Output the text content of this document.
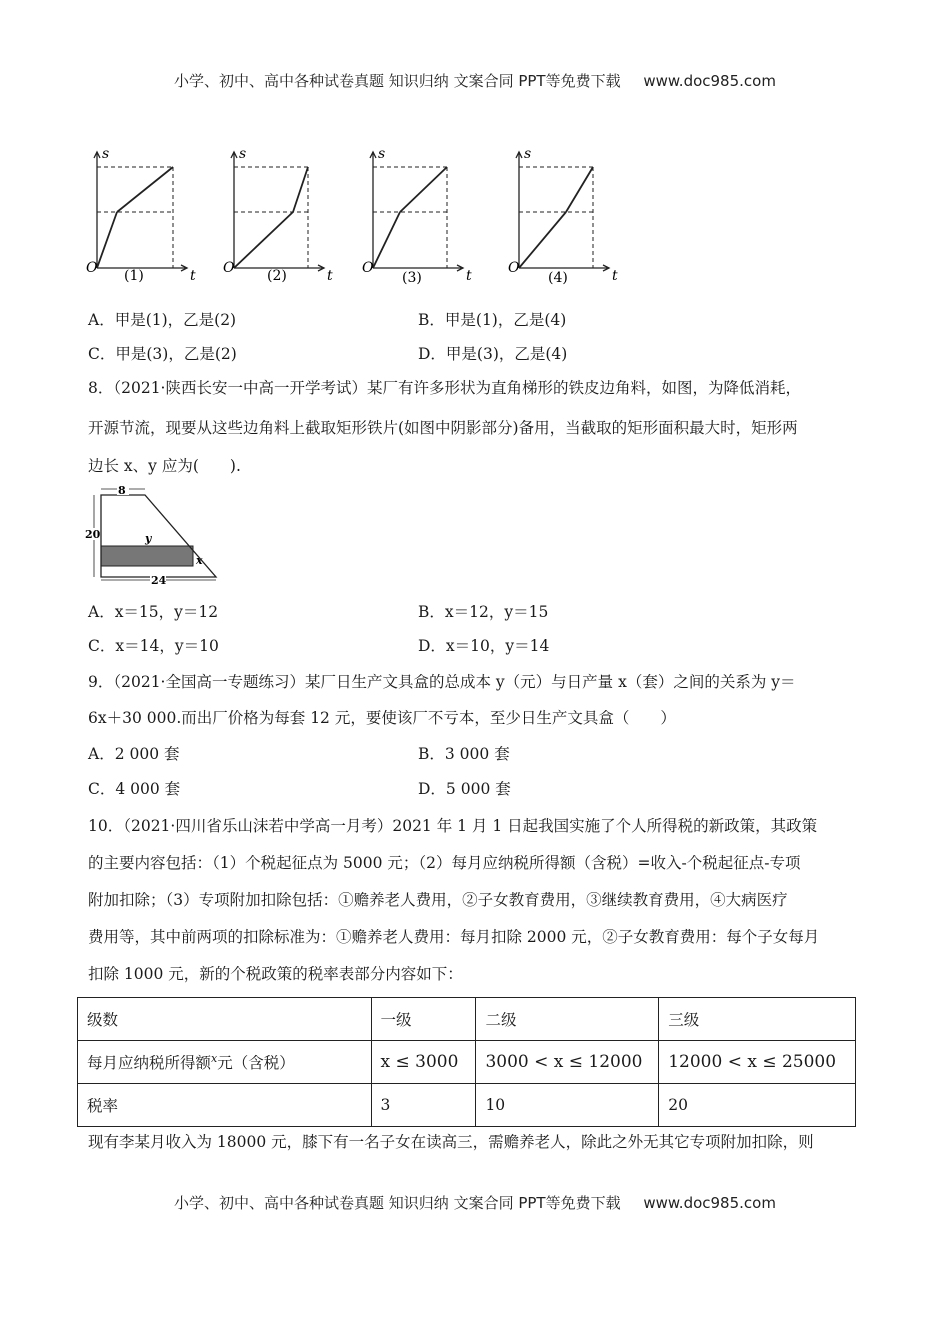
小学、初中、高中各种试卷真题 知识归纳 文案合同 PPT等免费下载 www.doc985.com
s
t
O (1)
s
t
O (2)
s
t
O
(3)
s
t
O
(4)
A．甲是(1)，乙是(2)	B．甲是(1)，乙是(4)
C．甲是(3)，乙是(2)	D．甲是(3)，乙是(4)
8．（2021·陕西长安一中高一开学考试）某厂有许多形状为直角梯形的铁皮边角料，如图，为降低消耗，
开源节流，现要从这些边角料上截取矩形铁片(如图中阴影部分)备用，当截取的矩形面积最大时，矩形两
边长 x、y 应为(　　).
8
20
24
y
x
A．x＝15，y＝12	B．x＝12，y＝15
C．x＝14，y＝10	D．x＝10，y＝14
9．（2021·全国高一专题练习）某厂日生产文具盒的总成本 y（元）与日产量 x（套）之间的关系为 y＝
6x＋30 000.而出厂价格为每套 12 元，要使该厂不亏本，至少日生产文具盒（　　）
A．2 000 套	B．3 000 套
C．4 000 套	D．5 000 套
10．（2021·四川省乐山沫若中学高一月考）2021 年 1 月 1 日起我国实施了个人所得税的新政策，其政策
的主要内容包括：（1）个税起征点为 5000 元；（2）每月应纳税所得额（含税）=收入-个税起征点-专项
附加扣除；（3）专项附加扣除包括：①赡养老人费用，②子女教育费用，③继续教育费用，④大病医疗
费用等，其中前两项的扣除标准为：①赡养老人费用：每月扣除 2000 元，②子女教育费用：每个子女每月
扣除 1000 元，新的个税政策的税率表部分内容如下：
级数	一级	二级	三级
每月应纳税所得额$^x$元（含税）	x ≤ 3000	3000 < x ≤ 12000	12000 < x ≤ 25000
税率	3	10	20
现有李某月收入为 18000 元，膝下有一名子女在读高三，需赡养老人，除此之外无其它专项附加扣除，则
小学、初中、高中各种试卷真题 知识归纳 文案合同 PPT等免费下载 www.doc985.com
